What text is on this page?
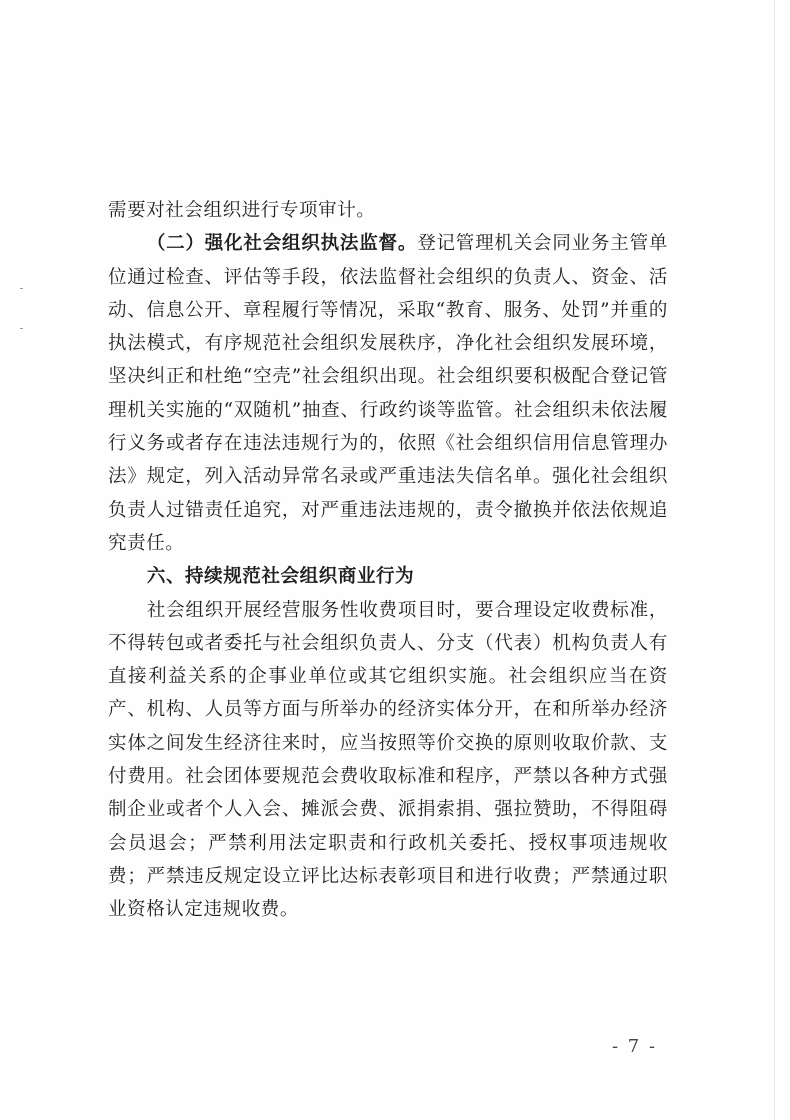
需要对社会组织进行专项审计。

（二）强化社会组织执法监督。登记管理机关会同业务主管单位通过检查、评估等手段，依法监督社会组织的负责人、资金、活动、信息公开、章程履行等情况，采取“教育、服务、处罚”并重的执法模式，有序规范社会组织发展秩序，净化社会组织发展环境，坚决纠正和杜绝“空壳”社会组织出现。社会组织要积极配合登记管理机关实施的“双随机”抽查、行政约谈等监管。社会组织未依法履行义务或者存在违法违规行为的，依照《社会组织信用信息管理办法》规定，列入活动异常名录或严重违法失信名单。强化社会组织负责人过错责任追究，对严重违法违规的，责令撤换并依法依规追究责任。

六、持续规范社会组织商业行为

社会组织开展经营服务性收费项目时，要合理设定收费标准，不得转包或者委托与社会组织负责人、分支（代表）机构负责人有直接利益关系的企事业单位或其它组织实施。社会组织应当在资产、机构、人员等方面与所举办的经济实体分开，在和所举办经济实体之间发生经济往来时，应当按照等价交换的原则收取价款、支付费用。社会团体要规范会费收取标准和程序，严禁以各种方式强制企业或者个人入会、摊派会费、派捐索捐、强拉赞助，不得阻碍会员退会；严禁利用法定职责和行政机关委托、授权事项违规收费；严禁违反规定设立评比达标表彰项目和进行收费；严禁通过职业资格认定违规收费。

- 7 -
